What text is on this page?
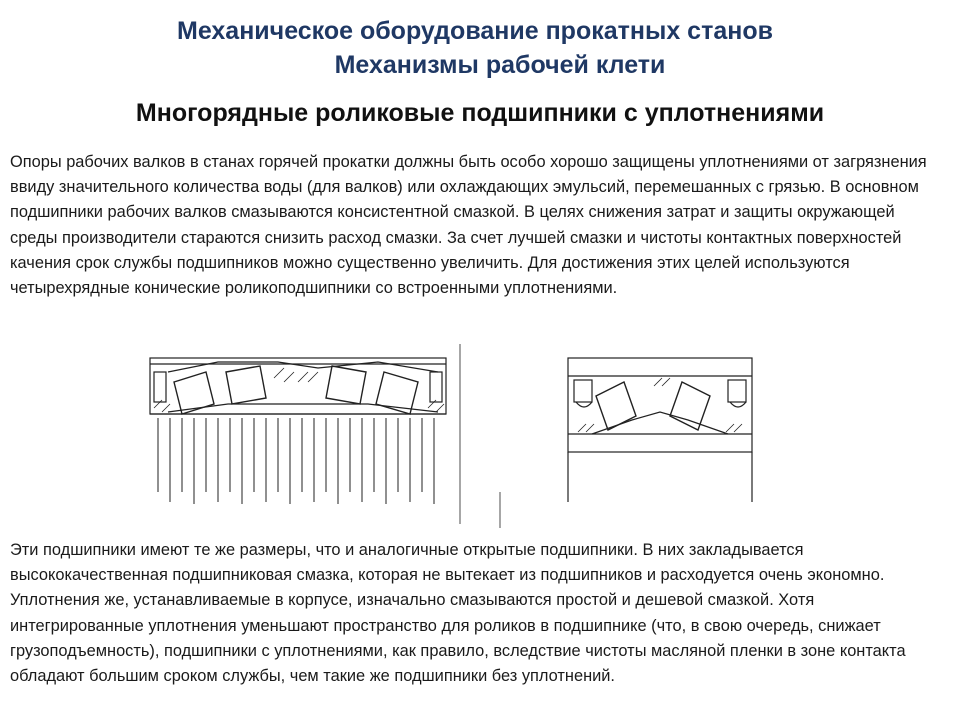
Механическое оборудование прокатных станов
Механизмы рабочей клети
Многорядные роликовые подшипники с уплотнениями
Опоры рабочих валков в станах горячей прокатки должны быть особо хорошо защищены уплотнениями от загрязнения ввиду значительного количества воды (для валков) или охлаждающих эмульсий, перемешанных с грязью. В основном подшипники рабочих валков смазываются консистентной смазкой. В целях снижения затрат и защиты окружающей среды производители стараются снизить расход смазки. За счет лучшей смазки и чистоты контактных поверхностей качения срок службы подшипников можно существенно увеличить. Для достижения этих целей используются четырехрядные конические роликоподшипники со встроенными уплотнениями.
Эти подшипники имеют те же размеры, что и аналогичные открытые подшипники. В них закладывается высококачественная подшипниковая смазка, которая не вытекает из подшипников и расходуется очень экономно. Уплотнения же, устанавливаемые в корпусе, изначально смазываются простой и дешевой смазкой. Хотя интегрированные уплотнения уменьшают пространство для роликов в подшипнике (что, в свою очередь, снижает грузоподъемность), подшипники с уплотнениями, как правило, вследствие чистоты масляной пленки в зоне контакта обладают большим сроком службы, чем такие же подшипники без уплотнений.
